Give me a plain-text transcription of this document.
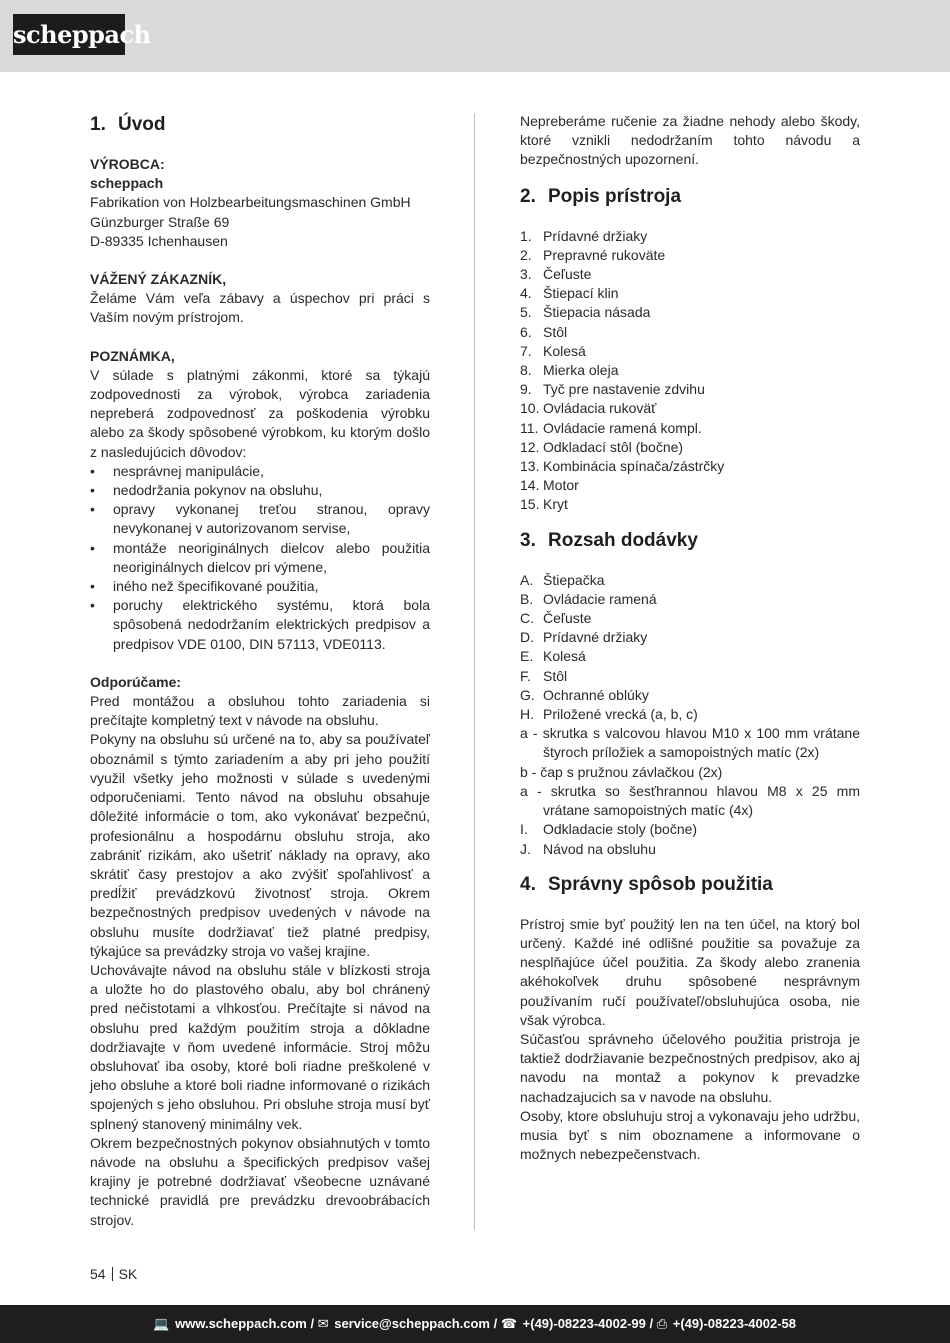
scheppach
1. Úvod

VÝROBCA:

scheppach

Fabrikation von Holzbearbeitungsmaschinen GmbH

Günzburger Straße 69

D-89335 Ichenhausen

VÁŽENÝ ZÁKAZNÍK,

Želáme Vám veľa zábavy a úspechov pri práci s Vaším novým prístrojom.

POZNÁMKA,

V súlade s platnými zákonmi, ktoré sa týkajú zodpovednosti za výrobok, výrobca zariadenia nepreberá zodpovednosť za poškodenia výrobku alebo za škody spôsobené výrobkom, ku ktorým došlo z nasledujúcich dôvodov:

• nesprávnej manipulácie,
• nedodržania pokynov na obsluhu,
• opravy vykonanej treťou stranou, opravy nevykonanej v autorizovanom servise,
• montáže neoriginálnych dielcov alebo použitia neoriginálnych dielcov pri výmene,
• iného než špecifikované použitia,
• poruchy elektrického systému, ktorá bola spôsobená nedodržaním elektrických predpisov a predpisov VDE 0100, DIN 57113, VDE0113.

Odporúčame:

Pred montážou a obsluhou tohto zariadenia si prečítajte kompletný text v návode na obsluhu.

Pokyny na obsluhu sú určené na to, aby sa používateľ oboznámil s týmto zariadením a aby pri jeho použití využil všetky jeho možnosti v súlade s uvedenými odporučeniami. Tento návod na obsluhu obsahuje dôležité informácie o tom, ako vykonávať bezpečnú, profesionálnu a hospodárnu obsluhu stroja, ako zabrániť rizikám, ako ušetriť náklady na opravy, ako skrátiť časy prestojov a ako zvýšiť spoľahlivosť a predĺžiť prevádzkovú životnosť stroja. Okrem bezpečnostných predpisov uvedených v návode na obsluhu musíte dodržiavať tiež platné predpisy, týkajúce sa prevádzky stroja vo vašej krajine.

Uchovávajte návod na obsluhu stále v blízkosti stroja a uložte ho do plastového obalu, aby bol chránený pred nečistotami a vlhkosťou. Prečítajte si návod na obsluhu pred každým použitím stroja a dôkladne dodržiavajte v ňom uvedené informácie. Stroj môžu obsluhovať iba osoby, ktoré boli riadne preškolené v jeho obsluhe a ktoré boli riadne informované o rizikách spojených s jeho obsluhou. Pri obsluhe stroja musí byť splnený stanovený minimálny vek.

Okrem bezpečnostných pokynov obsiahnutých v tomto návode na obsluhu a špecifických predpisov vašej krajiny je potrebné dodržiavať všeobecne uznávané technické pravidlá pre prevádzku drevoobrábacích strojov.

Nepreberáme ručenie za žiadne nehody alebo škody, ktoré vznikli nedodržaním tohto návodu a bezpečnostných upozornení.

2. Popis prístroja
1. Prídavné držiaky
2. Prepravné rukoväte
3. Čeľuste
4. Štiepací klin
5. Štiepacia násada
6. Stôl
7. Kolesá
8. Mierka oleja
9. Tyč pre nastavenie zdvihu
10. Ovládacia rukoväť
11. Ovládacie ramená kompl.
12. Odkladací stôl (bočne)
13. Kombinácia spínača/zástrčky
14. Motor
15. Kryt
3. Rozsah dodávky
A. Štiepačka
B. Ovládacie ramená
C. Čeľuste
D. Prídavné držiaky
E. Kolesá
F. Stôl
G. Ochranné oblúky
H. Priložené vrecká (a, b, c)
a - skrutka s valcovou hlavou M10 x 100 mm vrátane štyroch príložiek a samopoistných matíc (2x)
b - čap s pružnou závlačkou (2x)
a - skrutka so šesťhrannou hlavou M8 x 25 mm vrátane samopoistných matíc (4x)
I. Odkladacie stoly (bočne)
J. Návod na obsluhu
4. Správny spôsob použitia

Prístroj smie byť použitý len na ten účel, na ktorý bol určený. Každé iné odlišné použitie sa považuje za nesplňajúce účel použitia. Za škody alebo zranenia akéhokoľvek druhu spôsobené nesprávnym používaním ručí používateľ/obsluhujúca osoba, nie však výrobca.

Súčasťou správneho účelového použitia pristroja je taktiež dodržiavanie bezpečnostných predpisov, ako aj navodu na montaž a pokynov k prevadzke nachadzajucich sa v navode na obsluhu.

Osoby, ktore obsluhuju stroj a vykonavaju jeho udržbu, musia byť s nim oboznamene a informovane o možnych nebezpečenstvach.

54 SK
💻 www.scheppach.com / ✉ service@scheppach.com / ☎ +(49)-08223-4002-99 / ⎙ +(49)-08223-4002-58
